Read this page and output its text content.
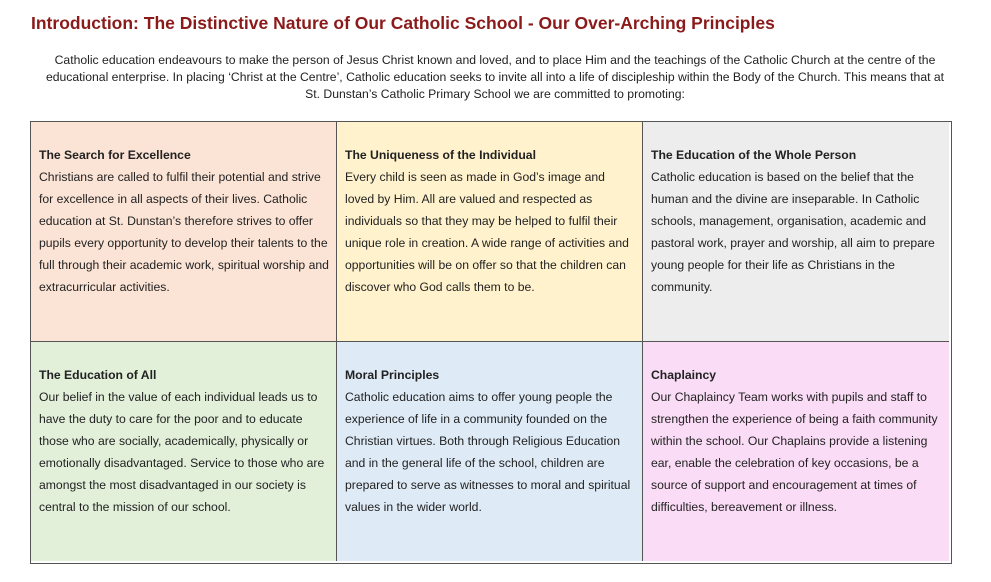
Introduction: The Distinctive Nature of Our Catholic School - Our Over-Arching Principles
Catholic education endeavours to make the person of Jesus Christ known and loved, and to place Him and the teachings of the Catholic Church at the centre of the educational enterprise. In placing ‘Christ at the Centre’, Catholic education seeks to invite all into a life of discipleship within the Body of the Church. This means that at St. Dunstan’s Catholic Primary School we are committed to promoting:
The Search for Excellence
Christians are called to fulfil their potential and strive for excellence in all aspects of their lives. Catholic education at St. Dunstan’s therefore strives to offer pupils every opportunity to develop their talents to the full through their academic work, spiritual worship and extracurricular activities.
The Uniqueness of the Individual
Every child is seen as made in God’s image and loved by Him. All are valued and respected as individuals so that they may be helped to fulfil their unique role in creation. A wide range of activities and opportunities will be on offer so that the children can discover who God calls them to be.
The Education of the Whole Person
Catholic education is based on the belief that the human and the divine are inseparable. In Catholic schools, management, organisation, academic and pastoral work, prayer and worship, all aim to prepare young people for their life as Christians in the community.
The Education of All
Our belief in the value of each individual leads us to have the duty to care for the poor and to educate those who are socially, academically, physically or emotionally disadvantaged. Service to those who are amongst the most disadvantaged in our society is central to the mission of our school.
Moral Principles
Catholic education aims to offer young people the experience of life in a community founded on the Christian virtues. Both through Religious Education and in the general life of the school, children are prepared to serve as witnesses to moral and spiritual values in the wider world.
Chaplaincy
Our Chaplaincy Team works with pupils and staff to strengthen the experience of being a faith community within the school. Our Chaplains provide a listening ear, enable the celebration of key occasions, be a source of support and encouragement at times of difficulties, bereavement or illness.
